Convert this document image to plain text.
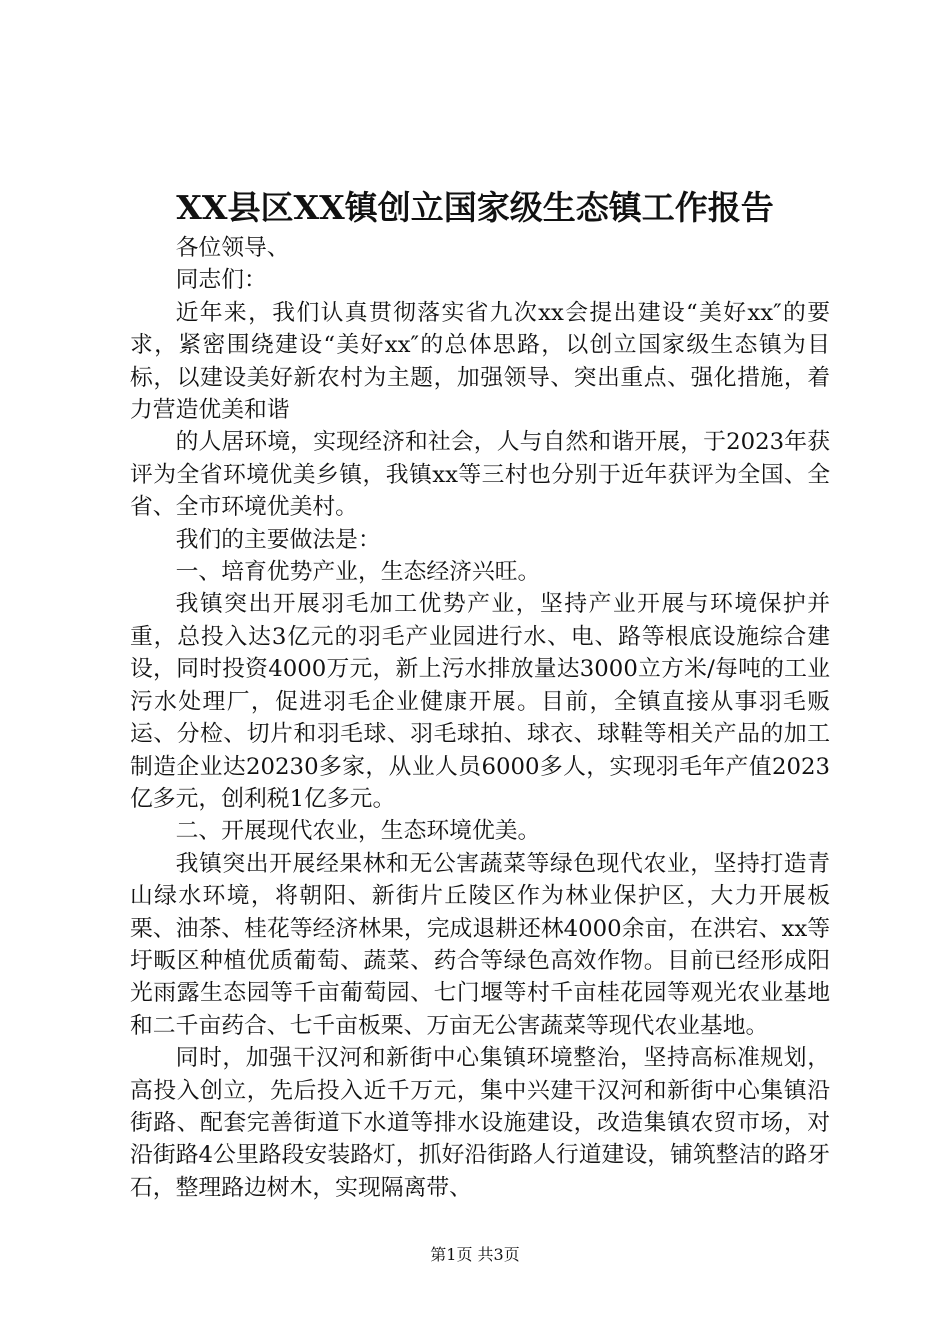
XX县区XX镇创立国家级生态镇工作报告

各位领导、

同志们：

近年来，我们认真贯彻落实省九次xx会提出建设“美好xx″的要求，紧密围绕建设“美好xx″的总体思路，以创立国家级生态镇为目标，以建设美好新农村为主题，加强领导、突出重点、强化措施，着力营造优美和谐

的人居环境，实现经济和社会，人与自然和谐开展，于2023年获评为全省环境优美乡镇，我镇xx等三村也分别于近年获评为全国、全省、全市环境优美村。

我们的主要做法是：

一、培育优势产业，生态经济兴旺。

我镇突出开展羽毛加工优势产业，坚持产业开展与环境保护并重，总投入达3亿元的羽毛产业园进行水、电、路等根底设施综合建设，同时投资4000万元，新上污水排放量达3000立方米/每吨的工业污水处理厂，促进羽毛企业健康开展。目前，全镇直接从事羽毛贩运、分检、切片和羽毛球、羽毛球拍、球衣、球鞋等相关产品的加工制造企业达20230多家，从业人员6000多人，实现羽毛年产值2023亿多元，创利税1亿多元。

二、开展现代农业，生态环境优美。

我镇突出开展经果林和无公害蔬菜等绿色现代农业，坚持打造青山绿水环境，将朝阳、新街片丘陵区作为林业保护区，大力开展板栗、油茶、桂花等经济林果，完成退耕还林4000余亩，在洪宕、xx等圩畈区种植优质葡萄、蔬菜、药合等绿色高效作物。目前已经形成阳光雨露生态园等千亩葡萄园、七门堰等村千亩桂花园等观光农业基地和二千亩药合、七千亩板栗、万亩无公害蔬菜等现代农业基地。

同时，加强干汉河和新街中心集镇环境整治，坚持高标准规划，高投入创立，先后投入近千万元，集中兴建干汉河和新街中心集镇沿街路、配套完善街道下水道等排水设施建设，改造集镇农贸市场，对沿街路4公里路段安装路灯，抓好沿街路人行道建设，铺筑整洁的路牙石，整理路边树木，实现隔离带、

第1页 共3页
